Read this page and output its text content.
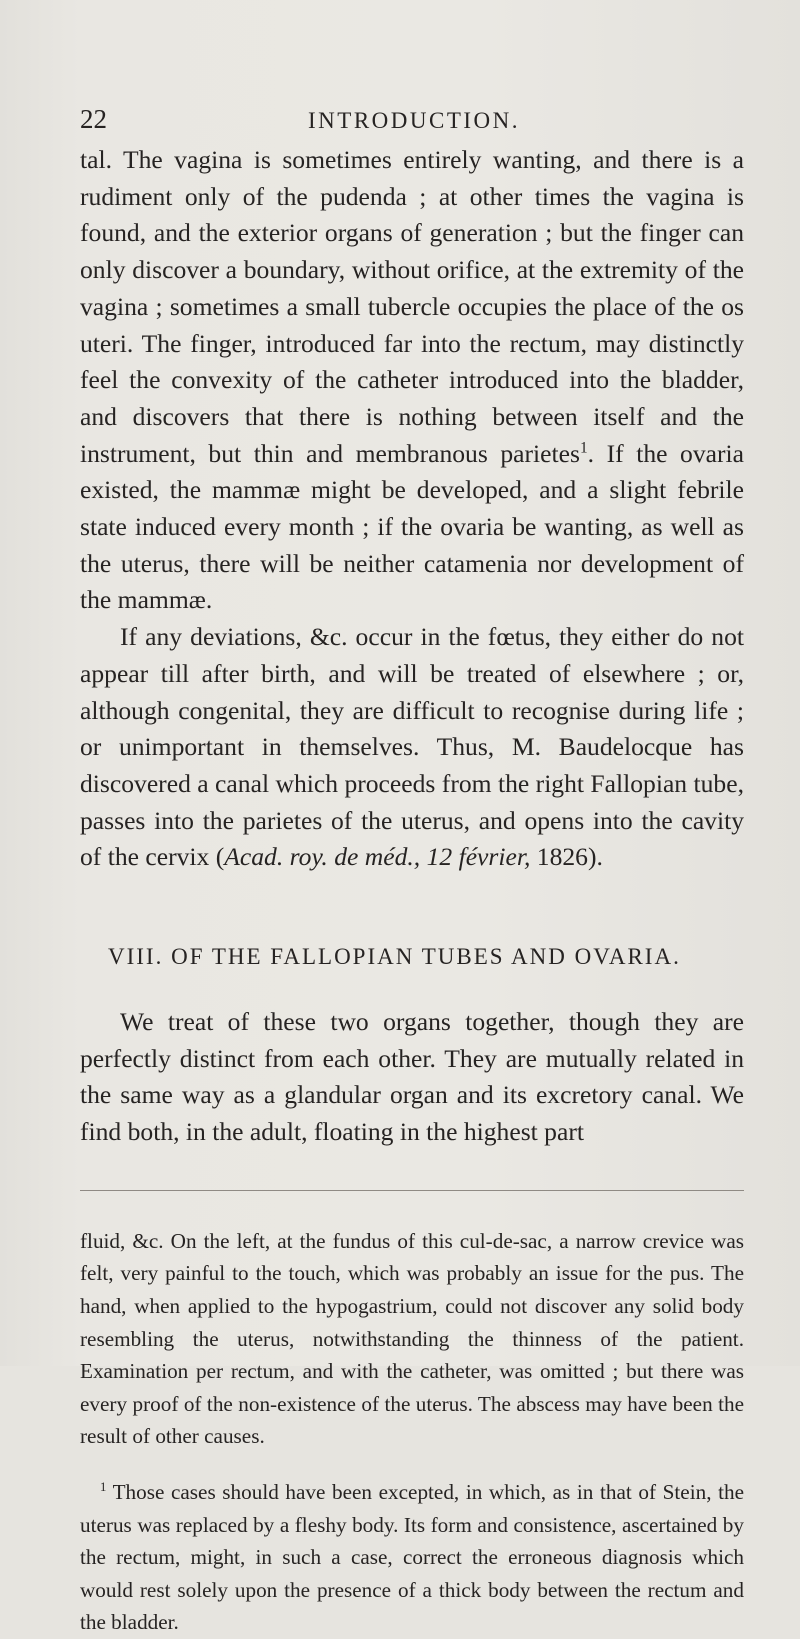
22	INTRODUCTION.

tal. The vagina is sometimes entirely wanting, and there is a rudiment only of the pudenda ; at other times the vagina is found, and the exterior organs of generation ; but the finger can only discover a boundary, without orifice, at the extremity of the vagina ; sometimes a small tubercle occupies the place of the os uteri. The finger, introduced far into the rectum, may distinctly feel the convexity of the catheter introduced into the bladder, and discovers that there is nothing between itself and the instrument, but thin and membranous parietes$^1$. If the ovaria existed, the mammæ might be developed, and a slight febrile state induced every month ; if the ovaria be wanting, as well as the uterus, there will be neither catamenia nor development of the mammæ.

If any deviations, &c. occur in the fœtus, they either do not appear till after birth, and will be treated of elsewhere ; or, although congenital, they are difficult to recognise during life ; or unimportant in themselves. Thus, M. Baudelocque has discovered a canal which proceeds from the right Fallopian tube, passes into the parietes of the uterus, and opens into the cavity of the cervix (Acad. roy. de méd., 12 février, 1826).

VIII. OF THE FALLOPIAN TUBES AND OVARIA.

We treat of these two organs together, though they are perfectly distinct from each other. They are mutually related in the same way as a glandular organ and its excretory canal. We find both, in the adult, floating in the highest part

fluid, &c. On the left, at the fundus of this cul-de-sac, a narrow crevice was felt, very painful to the touch, which was probably an issue for the pus. The hand, when applied to the hypogastrium, could not discover any solid body resembling the uterus, notwithstanding the thinness of the patient. Examination per rectum, and with the catheter, was omitted ; but there was every proof of the non-existence of the uterus. The abscess may have been the result of other causes.

$^1$ Those cases should have been excepted, in which, as in that of Stein, the uterus was replaced by a fleshy body. Its form and consistence, ascertained by the rectum, might, in such a case, correct the erroneous diagnosis which would rest solely upon the presence of a thick body between the rectum and the bladder.
